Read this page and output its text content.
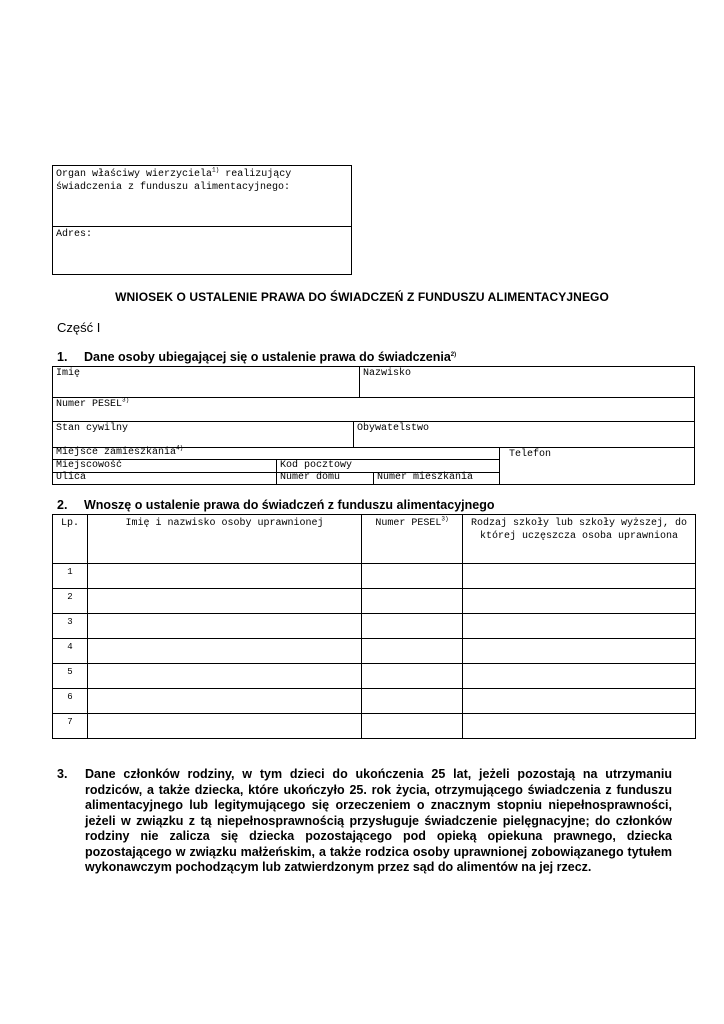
Organ właściwy wierzyciela$^{1)}$ realizujący
świadczenia z funduszu alimentacyjnego:
Adres:
WNIOSEK O USTALENIE PRAWA DO ŚWIADCZEŃ Z FUNDUSZU ALIMENTACYJNEGO
Część I
1. Dane osoby ubiegającej się o ustalenie prawa do świadczenia$^{2)}$
Imię	Nazwisko
Numer PESEL$^{3)}$
Stan cywilny	Obywatelstwo
Miejsce zamieszkania$^{4)}$
Telefon
Miejscowość	Kod pocztowy
Ulica	Numer domu	Numer mieszkania
2. Wnoszę o ustalenie prawa do świadczeń z funduszu alimentacyjnego
Lp.	Imię i nazwisko osoby uprawnionej	Numer PESEL$^{3)}$	Rodzaj szkoły lub szkoły wyższej, do której uczęszcza osoba uprawniona
1			
2			
3			
4			
5			
6			
7			
3. Dane członków rodziny, w tym dzieci do ukończenia 25 lat, jeżeli pozostają na utrzymaniu rodziców, a także dziecka, które ukończyło 25. rok życia, otrzymującego świadczenia z funduszu alimentacyjnego lub legitymującego się orzeczeniem o znacznym stopniu niepełnosprawności, jeżeli w związku z tą niepełnosprawnością przysługuje świadczenie pielęgnacyjne; do członków rodziny nie zalicza się dziecka pozostającego pod opieką opiekuna prawnego, dziecka pozostającego w związku małżeńskim, a także rodzica osoby uprawnionej zobowiązanego tytułem wykonawczym pochodzącym lub zatwierdzonym przez sąd do alimentów na jej rzecz.
